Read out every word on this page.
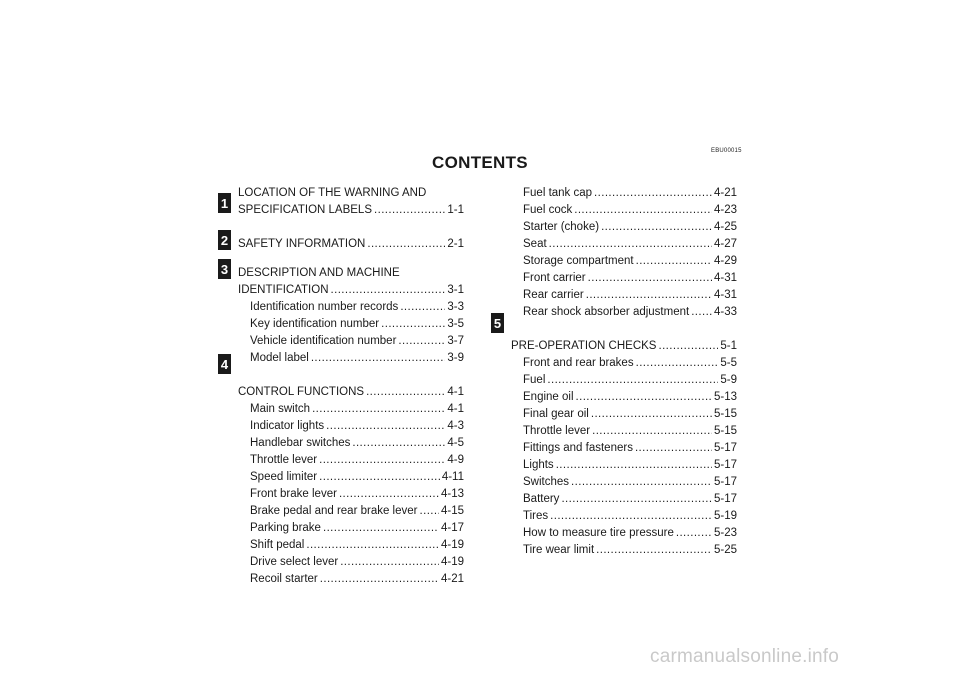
EBU00015
CONTENTS
1
2
3
4
5
LOCATION OF THE WARNING AND
SPECIFICATION LABELS .....	1-1
SAFETY INFORMATION .....	2-1
DESCRIPTION AND MACHINE
IDENTIFICATION .....	3-1
Identification number records .....	3-3
Key identification number .....	3-5
Vehicle identification number .....	3-7
Model label .....	3-9
CONTROL FUNCTIONS .....	4-1
Main switch .....	4-1
Indicator lights .....	4-3
Handlebar switches .....	4-5
Throttle lever .....	4-9
Speed limiter .....	4-11
Front brake lever .....	4-13
Brake pedal and rear brake lever ..... 4-15
Parking brake .....	4-17
Shift pedal .....	4-19
Drive select lever .....	4-19
Recoil starter .....	4-21
Fuel tank cap .....	4-21
Fuel cock .....	4-23
Starter (choke) .....	4-25
Seat .....	4-27
Storage compartment .....	4-29
Front carrier .....	4-31
Rear carrier .....	4-31
Rear shock absorber adjustment ..... 4-33
PRE-OPERATION CHECKS .....	5-1
Front and rear brakes .....	5-5
Fuel .....	5-9
Engine oil .....	5-13
Final gear oil .....	5-15
Throttle lever .....	5-15
Fittings and fasteners .....	5-17
Lights .....	5-17
Switches .....	5-17
Battery .....	5-17
Tires .....	5-19
How to measure tire pressure .....	5-23
Tire wear limit .....	5-25
carmanualsonline.info
